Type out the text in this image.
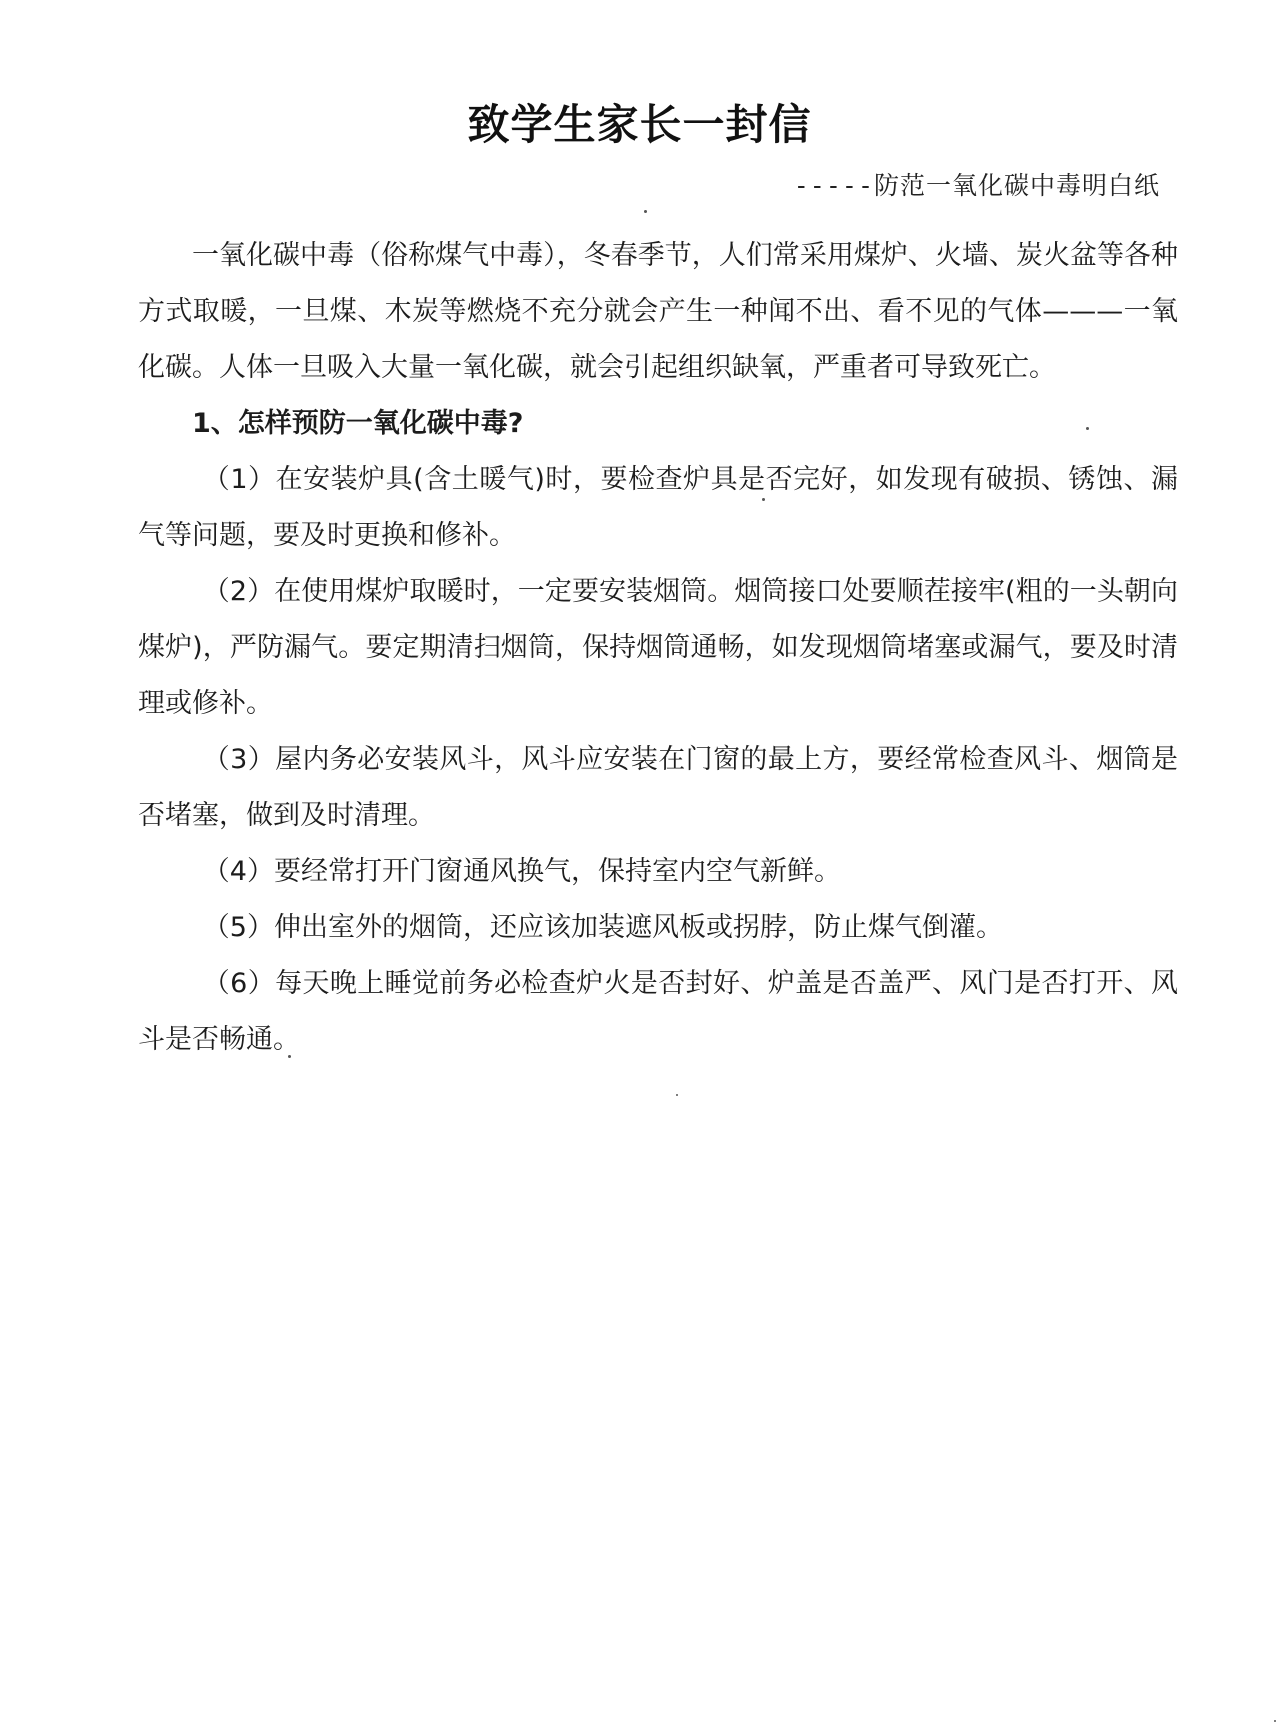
致学生家长一封信
-----防范一氧化碳中毒明白纸

一氧化碳中毒（俗称煤气中毒），冬春季节，人们常采用煤炉、火墙、炭火盆等各种方式取暖，一旦煤、木炭等燃烧不充分就会产生一种闻不出、看不见的气体———一氧化碳。人体一旦吸入大量一氧化碳，就会引起组织缺氧，严重者可导致死亡。

1、怎样预防一氧化碳中毒?

（1）在安装炉具(含土暖气)时，要检查炉具是否完好，如发现有破损、锈蚀、漏气等问题，要及时更换和修补。

（2）在使用煤炉取暖时，一定要安装烟筒。烟筒接口处要顺茬接牢(粗的一头朝向煤炉)，严防漏气。要定期清扫烟筒，保持烟筒通畅，如发现烟筒堵塞或漏气，要及时清理或修补。

（3）屋内务必安装风斗，风斗应安装在门窗的最上方，要经常检查风斗、烟筒是否堵塞，做到及时清理。

（4）要经常打开门窗通风换气，保持室内空气新鲜。

（5）伸出室外的烟筒，还应该加装遮风板或拐脖，防止煤气倒灌。

（6）每天晚上睡觉前务必检查炉火是否封好、炉盖是否盖严、风门是否打开、风斗是否畅通。
